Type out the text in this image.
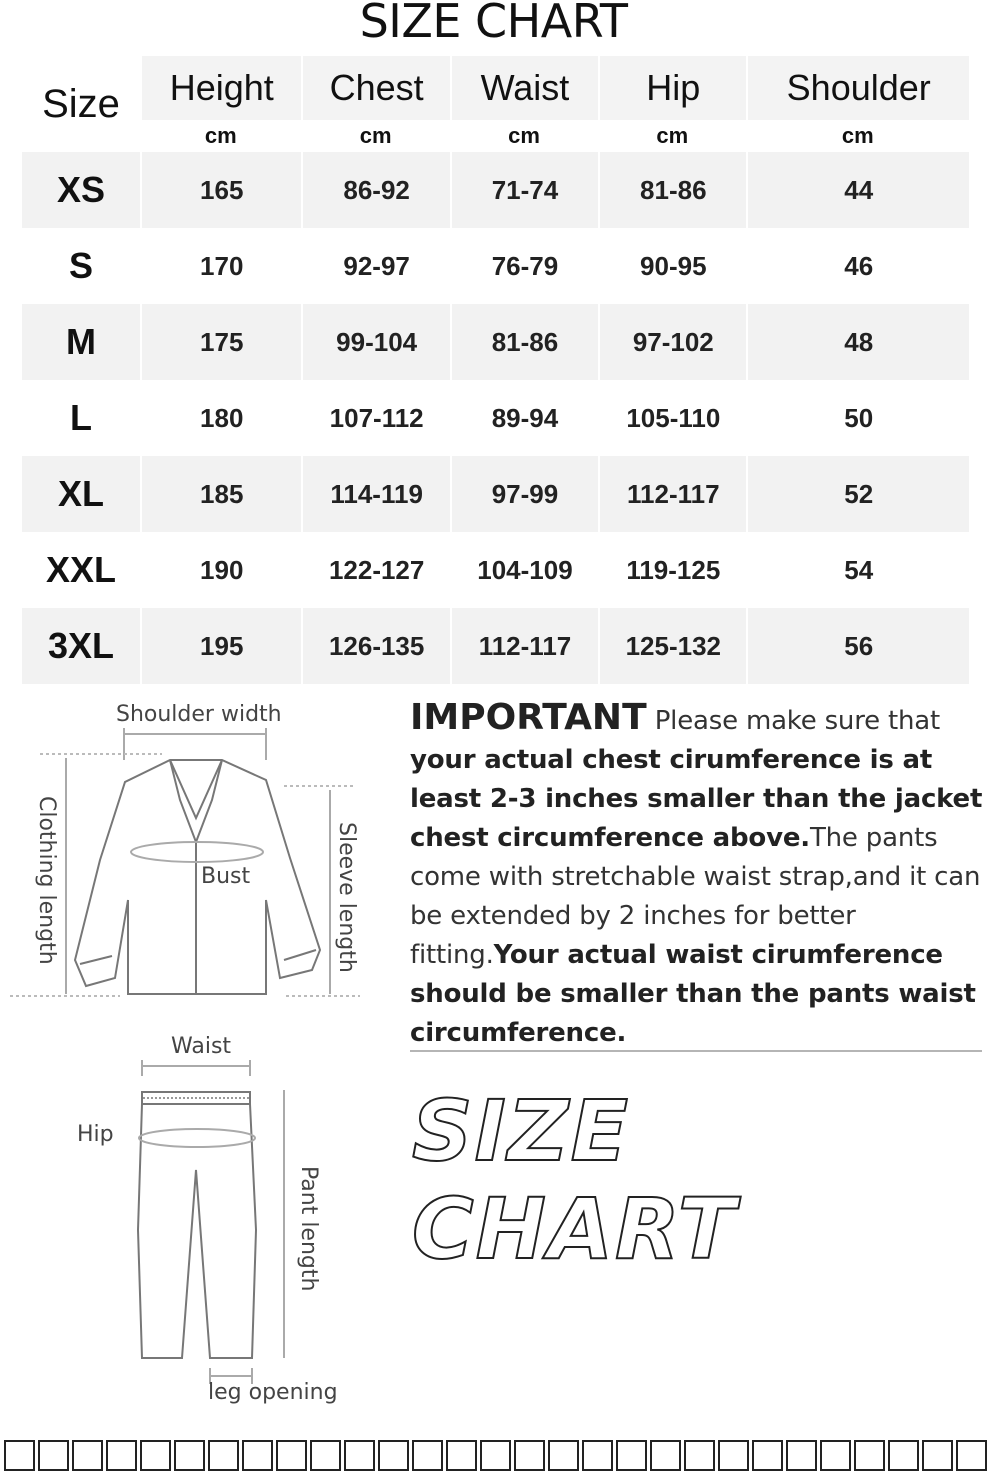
SIZE CHART
Size	Height	Chest	Waist	Hip	Shoulder
	cm	cm	cm	cm	cm
XS	165	86-92	71-74	81-86	44
S	170	92-97	76-79	90-95	46
M	175	99-104	81-86	97-102	48
L	180	107-112	89-94	105-110	50
XL	185	114-119	97-99	112-117	52
XXL	190	122-127	104-109	119-125	54
3XL	195	126-135	112-117	125-132	56
Shoulder width
Clothing length	Sleeve length
Bust
Waist
Hip
Pant length
leg opening
IMPORTANT Please make sure that your actual chest cirumference is at least 2-3 inches smaller than the jacket chest circumference above.The pants come with stretchable waist strap,and it can be extended by 2 inches for better fitting.Your actual waist cirumference should be smaller than the pants waist circumference.
SIZE
CHART
